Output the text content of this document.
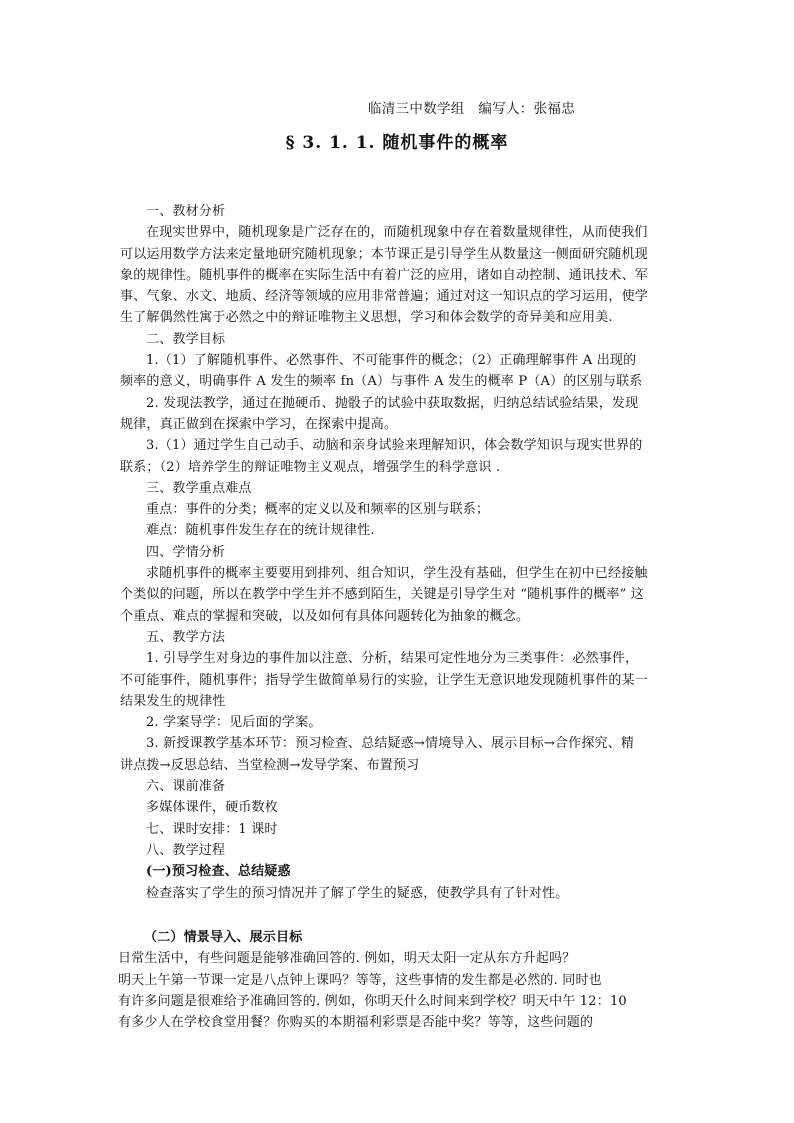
临清三中数学组　编写人：张福忠
§ 3. 1. 1. 随机事件的概率
一、教材分析
在现实世界中，随机现象是广泛存在的，而随机现象中存在着数量规律性，从而使我们
可以运用数学方法来定量地研究随机现象；本节课正是引导学生从数量这一侧面研究随机现
象的规律性。随机事件的概率在实际生活中有着广泛的应用，诸如自动控制、通讯技术、军
事、气象、水文、地质、经济等领域的应用非常普遍；通过对这一知识点的学习运用，使学
生了解偶然性寓于必然之中的辩证唯物主义思想，学习和体会数学的奇异美和应用美.
二、教学目标
1.（1）了解随机事件、必然事件、不可能事件的概念；（2）正确理解事件 A 出现的
频率的意义，明确事件 A 发生的频率 fn（A）与事件 A 发生的概率 P（A）的区别与联系
2. 发现法教学，通过在抛硬币、抛骰子的试验中获取数据，归纳总结试验结果，发现
规律，真正做到在探索中学习，在探索中提高。
3.（1）通过学生自己动手、动脑和亲身试验来理解知识，体会数学知识与现实世界的
联系；（2）培养学生的辩证唯物主义观点，增强学生的科学意识 .
三、教学重点难点
重点：事件的分类；概率的定义以及和频率的区别与联系；
难点：随机事件发生存在的统计规律性.
四、学情分析
求随机事件的概率主要要用到排列、组合知识，学生没有基础，但学生在初中已经接触
个类似的问题，所以在教学中学生并不感到陌生，关键是引导学生对 “随机事件的概率” 这
个重点、难点的掌握和突破，以及如何有具体问题转化为抽象的概念。
五、教学方法
1. 引导学生对身边的事件加以注意、分析，结果可定性地分为三类事件：必然事件，
不可能事件，随机事件；指导学生做简单易行的实验，让学生无意识地发现随机事件的某一
结果发生的规律性
2. 学案导学：见后面的学案。
3. 新授课教学基本环节：预习检查、总结疑惑→情境导入、展示目标→合作探究、精
讲点拨→反思总结、当堂检测→发导学案、布置预习
六、课前准备
多媒体课件，硬币数枚
七、课时安排：1 课时
八、教学过程
(一)预习检查、总结疑惑
检查落实了学生的预习情况并了解了学生的疑惑，使教学具有了针对性。
（二）情景导入、展示目标
日常生活中，有些问题是能够准确回答的. 例如，明天太阳一定从东方升起吗？
明天上午第一节课一定是八点钟上课吗？等等，这些事情的发生都是必然的. 同时也
有许多问题是很难给予准确回答的. 例如，你明天什么时间来到学校？明天中午 12：10
有多少人在学校食堂用餐？你购买的本期福利彩票是否能中奖？等等，这些问题的
